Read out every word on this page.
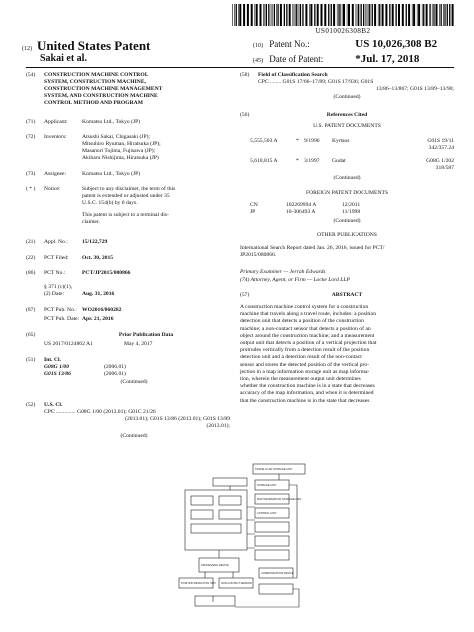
US010026308B2
(12) United States Patent
Sakai et al.
(10) Patent No.:	US 10,026,308 B2
(45) Date of Patent:	*Jul. 17, 2018
(54)	CONSTRUCTION MACHINE CONTROL
SYSTEM, CONSTRUCTION MACHINE,
CONSTRUCTION MACHINE MANAGEMENT
SYSTEM, AND CONSTRUCTION MACHINE
CONTROL METHOD AND PROGRAM
(71)	Applicant:	Komatsu Ltd., Tokyo (JP)
(72)	Inventors:	Atsushi Sakai, Chigasaki (JP);
Mitsuhiro Ryuman, Hiratsuka (JP);
Masanori Tojima, Fujisawa (JP);
Akiharu Nishijima, Hiratsuka (JP)
(73)	Assignee:	Komatsu Ltd., Tokyo (JP)
( * )	Notice:	Subject to any disclaimer, the term of this
patent is extended or adjusted under 35
U.S.C. 154(b) by 0 days.
This patent is subject to a terminal dis-
claimer.
(21)	Appl. No.:	15/122,729
(22)	PCT Filed: Oct. 30, 2015
(86)	PCT No.:	PCT/JP2015/080866
§ 371 (c)(1),
(2) Date:	Aug. 31, 2016
(87)	PCT Pub. No.: WO2016/060282
PCT Pub. Date: Apr. 21, 2016
(65)	Prior Publication Data
US 2017/0124862 A1	May 4, 2017
(51)	Int. Cl.
G08G 1/00	(2006.01)
G01S 13/86	(2006.01)
(Continued)
(52)	U.S. Cl.
CPC .............. G08G 1/00 (2013.01); G01C 21/26
(2013.01); G01S 13/86 (2013.01); G01S 13/89
(2013.01);
(Continued)
(58)	Field of Classification Search
CPC ........ G01S 17/66–17/89; G01S 17/936; G01S
13/86–13/867; G01S 13/89–13/90;
(Continued)
(56)	References Cited
U.S. PATENT DOCUMENTS
5,555,503 A	* 9/1996 Kyrtsos	G01S 19/11
342/357.24
5,610,815 A	* 3/1997 Gudat	G08G 1/202
318/587
(Continued)
FOREIGN PATENT DOCUMENTS
CN	102269994 A	12/2011
JP	10-306493 A	11/1998
(Continued)
OTHER PUBLICATIONS
International Search Report dated Jan. 26, 2016, issued for PCT/
JP2015/080866.
Primary Examiner — Jerrah Edwards
(74) Attorney, Agent, or Firm — Locke Lord LLP
(57)	ABSTRACT
A construction machine control system for a construction
machine that travels along a travel route, includes: a position
detection unit that detects a position of the construction
machine; a non-contact sensor that detects a position of an
object around the construction machine; and a measurement
output unit that detects a position of a vertical projection that
protrudes vertically from a detection result of the position
detection unit and a detection result of the non-contact
sensor and stores the detected position of the vertical pro-
jection in a map information storage unit as map informa-
tion, wherein the measurement output unit determines
whether the construction machine is in a state that decreases
accuracy of the map information, and when it is determined
that the construction machine is in the state that decreases
TRAVEL PLAN STORAGE UNIT
PROCESSING DEVICE
STORAGE UNIT
MAP INFORMATION STORAGE UNIT
CONTROL UNIT
COMMUNICATION DEVICE
POSITION DETECTION UNIT NON-CONTACT SENSOR
